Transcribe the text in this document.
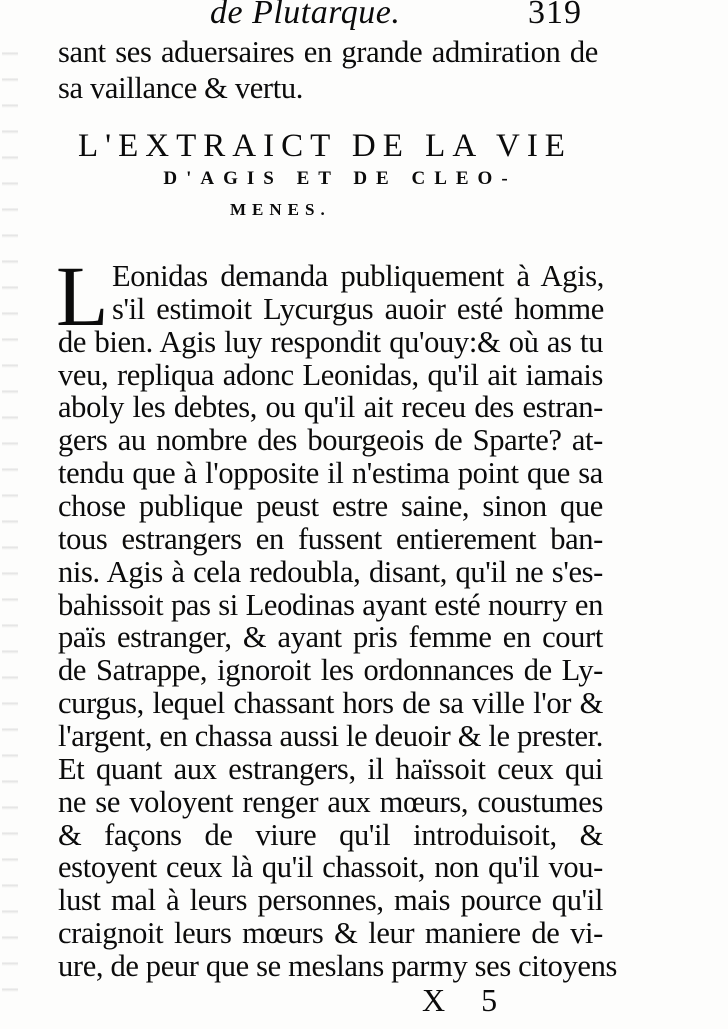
de Plutarque.	319
sant ses aduersaires en grande admiration de
sa vaillance & vertu.
L'EXTRAICT DE LA VIE
D'AGIS ET DE CLEO-
MENES.
L Eonidas demanda publiquement à Agis,
s'il estimoit Lycurgus auoir esté homme
de bien. Agis luy respondit qu'ouy:& où as tu
veu, repliqua adonc Leonidas, qu'il ait iamais
aboly les debtes, ou qu'il ait receu des estran-
gers au nombre des bourgeois de Sparte? at-
tendu que à l'opposite il n'estima point que sa
chose publique peust estre saine, sinon que
tous estrangers en fussent entierement ban-
nis. Agis à cela redoubla, disant, qu'il ne s'es-
bahissoit pas si Leodinas ayant esté nourry en
païs estranger, & ayant pris femme en court
de Satrappe, ignoroit les ordonnances de Ly-
curgus, lequel chassant hors de sa ville l'or &
l'argent, en chassa aussi le deuoir & le prester.
Et quant aux estrangers, il haïssoit ceux qui
ne se voloyent renger aux mœurs, coustumes
& façons de viure qu'il introduisoit, &
estoyent ceux là qu'il chassoit, non qu'il vou-
lust mal à leurs personnes, mais pource qu'il
craignoit leurs mœurs & leur maniere de vi-
ure, de peur que se meslans parmy ses citoyens
X 5
